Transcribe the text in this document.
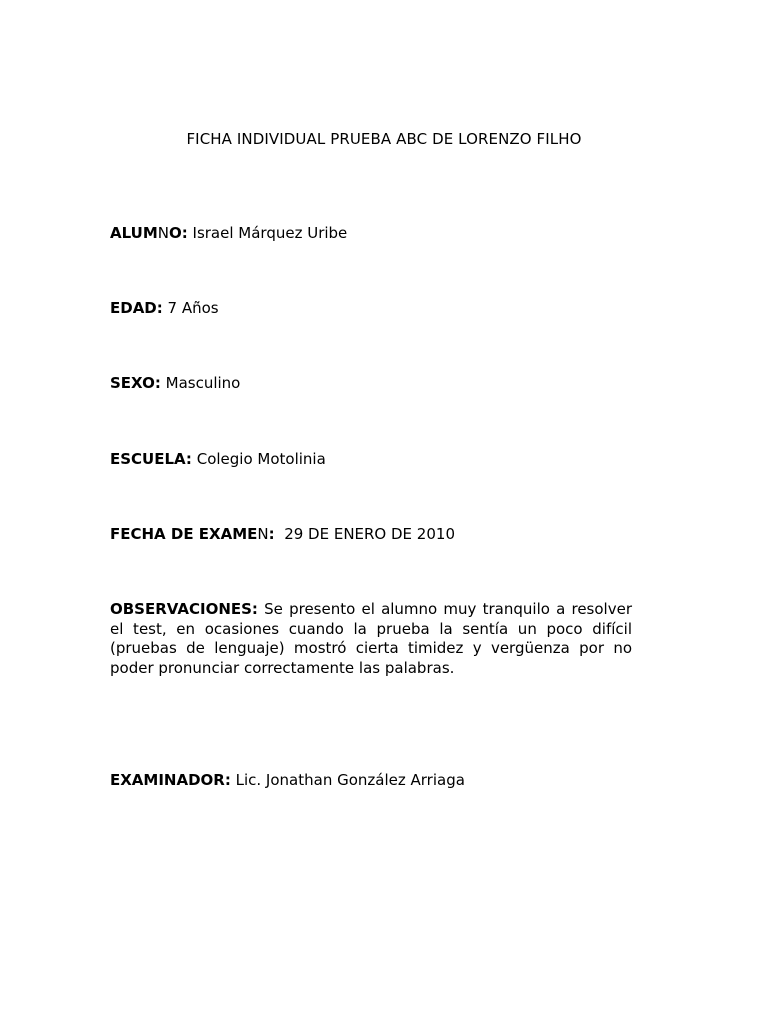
FICHA INDIVIDUAL PRUEBA ABC DE LORENZO FILHO
ALUMNO: Israel Márquez Uribe
EDAD: 7 Años
SEXO: Masculino
ESCUELA: Colegio Motolinia
FECHA DE EXAMEN: 29 DE ENERO DE 2010
OBSERVACIONES: Se presento el alumno muy tranquilo a resolver el test, en ocasiones cuando la prueba la sentía un poco difícil (pruebas de lenguaje) mostró cierta timidez y vergüenza por no poder pronunciar correctamente las palabras.
EXAMINADOR: Lic. Jonathan González Arriaga
